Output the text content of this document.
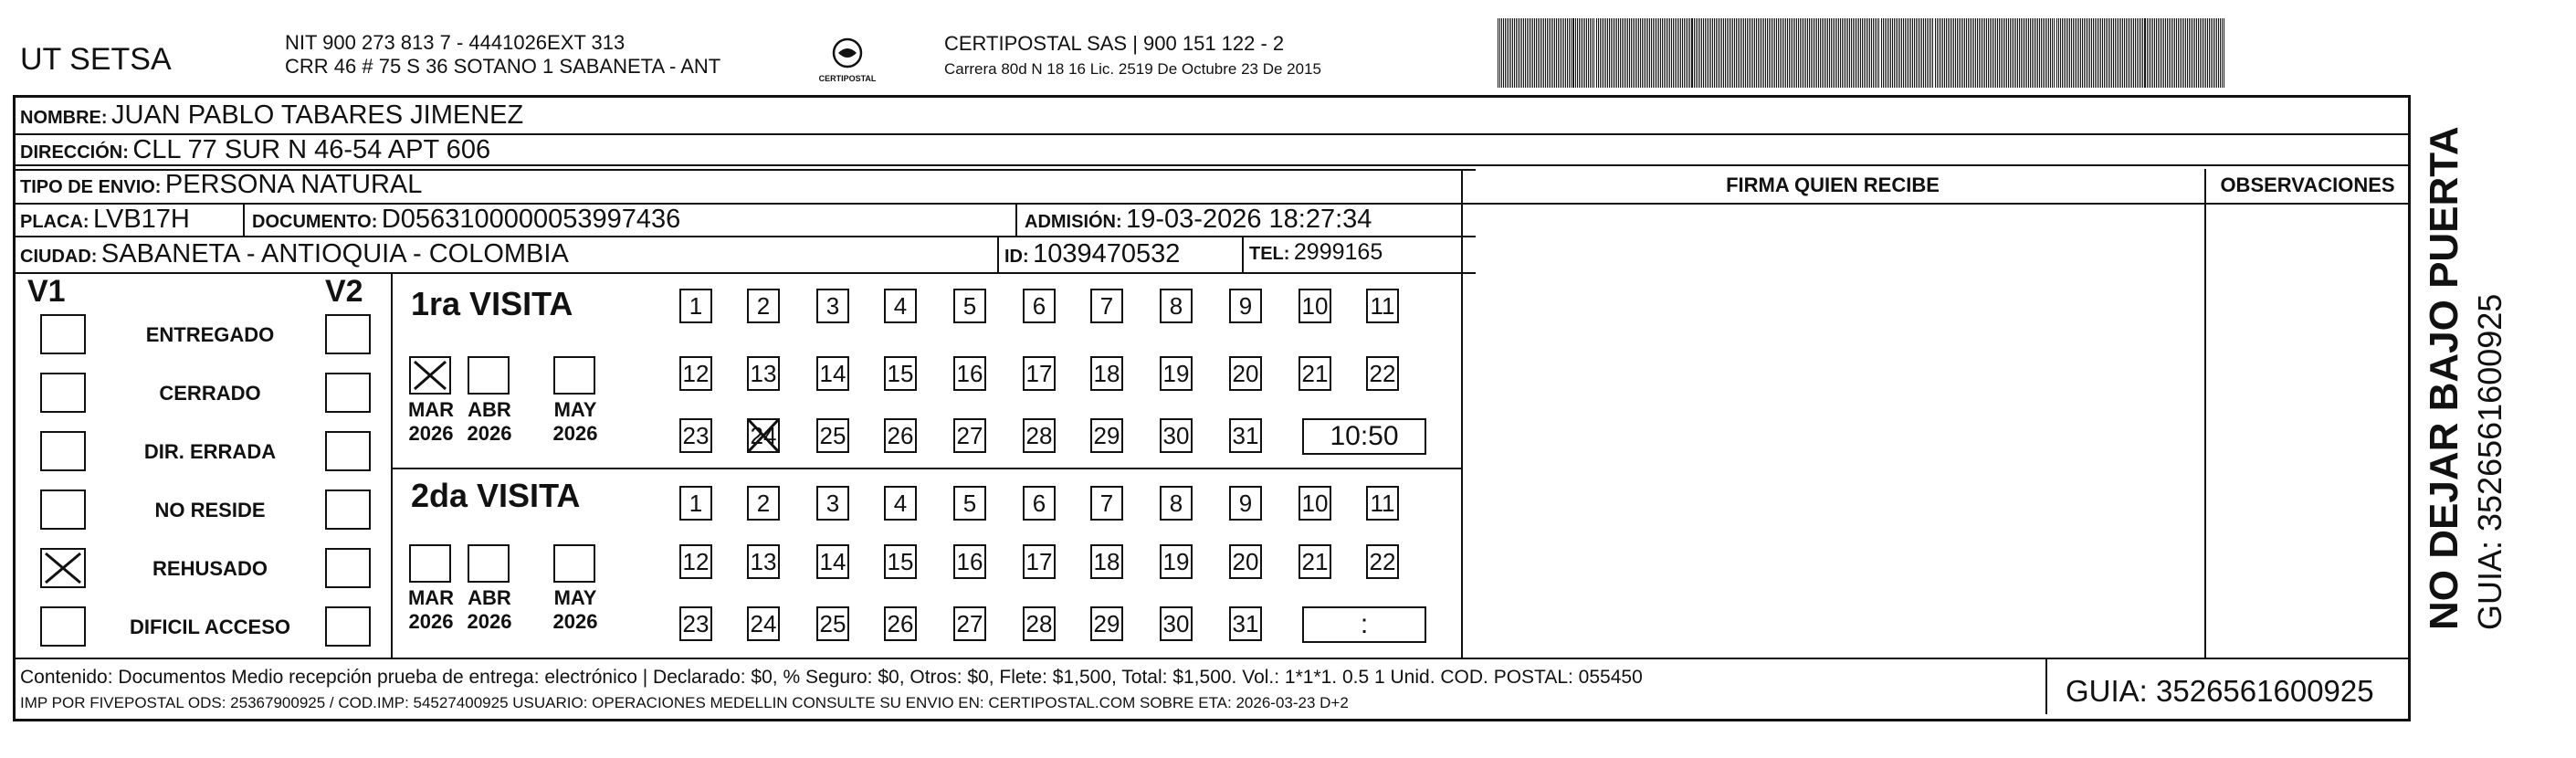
UT SETSA	NIT 900 273 813 7 - 4441026EXT 313
CRR 46 # 75 S 36 SOTANO 1 SABANETA - ANT
CERTIPOSTAL
CERTIPOSTAL SAS | 900 151 122 - 2
Carrera 80d N 18 16 Lic. 2519 De Octubre 23 De 2015
NOMBRE: JUAN PABLO TABARES JIMENEZ
DIRECCIÓN: CLL 77 SUR N 46-54 APT 606
TIPO DE ENVIO: PERSONA NATURAL
PLACA: LVB17H	DOCUMENTO: D0563100000053997436	ADMISIÓN: 19-03-2026 18:27:34
CIUDAD: SABANETA - ANTIOQUIA - COLOMBIA	ID: 1039470532	TEL: 2999165
FIRMA QUIEN RECIBE	OBSERVACIONES
V1	V2
ENTREGADO
CERRADO
DIR. ERRADA
NO RESIDE
REHUSADO
DIFICIL ACCESO
1ra VISITA
2da VISITA
MAR
2026
ABR
2026
MAY
2026
MAR
2026
ABR
2026
MAY
2026
1	2	3	4	5	6	7	8	9	10 11
12 13 14 15 16 17 18 19 20 21 22
23 24 25 26 27 28 29 30 31	10:50
1	2	3	4	5	6	7	8	9	10 11
12 13 14 15 16 17 18 19 20 21 22
23 24 25 26 27 28 29 30 31	:
Contenido: Documentos Medio recepción prueba de entrega: electrónico | Declarado: $0, % Seguro: $0, Otros: $0, Flete: $1,500, Total: $1,500. Vol.: 1*1*1. 0.5 1 Unid. COD. POSTAL: 055450
IMP POR FIVEPOSTAL ODS: 25367900925 / COD.IMP: 54527400925 USUARIO: OPERACIONES MEDELLIN CONSULTE SU ENVIO EN: CERTIPOSTAL.COM SOBRE ETA: 2026-03-23 D+2	GUIA: 3526561600925
NO DEJAR BAJO PUERTA GUIA: 3526561600925
